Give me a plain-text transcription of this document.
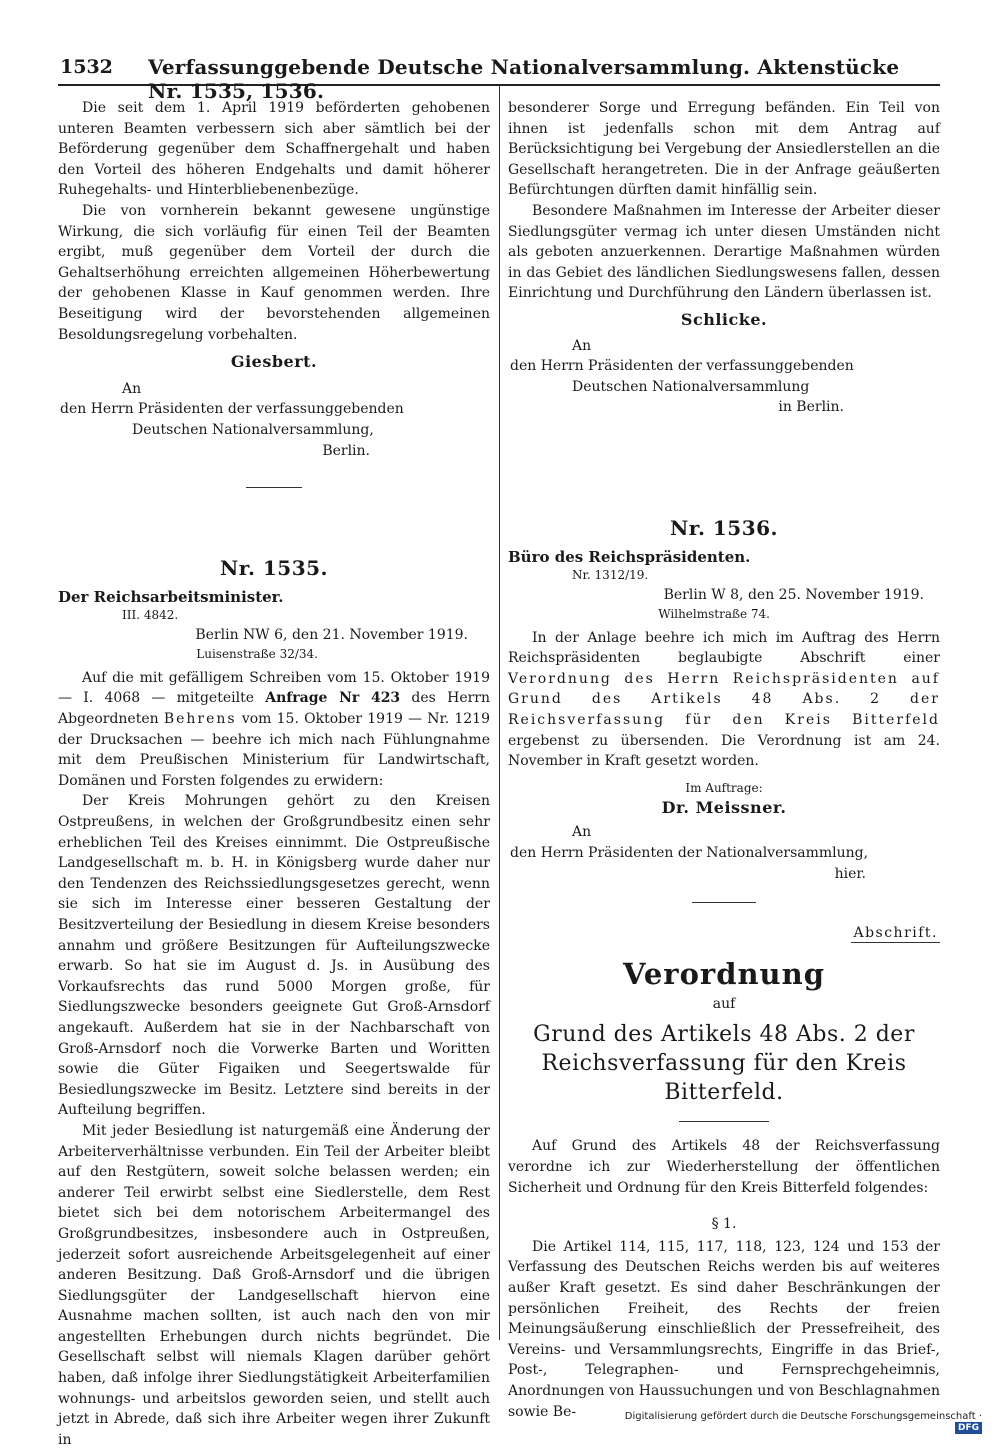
1532 Verfassunggebende Deutsche Nationalversammlung. Aktenstücke Nr. 1535, 1536.

Die seit dem 1. April 1919 beförderten gehobenen unteren Beamten verbessern sich aber sämtlich bei der Beförderung gegenüber dem Schaffnergehalt und haben den Vorteil des höheren Endgehalts und damit höherer Ruhegehalts- und Hinterbliebenenbezüge.

Die von vornherein bekannt gewesene ungünstige Wirkung, die sich vorläufig für einen Teil der Beamten ergibt, muß gegenüber dem Vorteil der durch die Gehaltserhöhung erreichten allgemeinen Höherbewertung der gehobenen Klasse in Kauf genommen werden. Ihre Beseitigung wird der bevorstehenden allgemeinen Besoldungsregelung vorbehalten.

Giesbert.
An
den Herrn Präsidenten der verfassunggebenden
Deutschen Nationalversammlung,
Berlin.
Nr. 1535.
Der Reichsarbeitsminister.
III. 4842.
Berlin NW 6, den 21. November 1919.
Luisenstraße 32/34.

Auf die mit gefälligem Schreiben vom 15. Oktober 1919 — I. 4068 — mitgeteilte Anfrage Nr 423 des Herrn Abgeordneten Behrens vom 15. Oktober 1919 — Nr. 1219 der Drucksachen — beehre ich mich nach Fühlungnahme mit dem Preußischen Ministerium für Landwirtschaft, Domänen und Forsten folgendes zu erwidern:

Der Kreis Mohrungen gehört zu den Kreisen Ostpreußens, in welchen der Großgrundbesitz einen sehr erheblichen Teil des Kreises einnimmt. Die Ostpreußische Landgesellschaft m. b. H. in Königsberg wurde daher nur den Tendenzen des Reichssiedlungsgesetzes gerecht, wenn sie sich im Interesse einer besseren Gestaltung der Besitzverteilung der Besiedlung in diesem Kreise besonders annahm und größere Besitzungen für Aufteilungszwecke erwarb. So hat sie im August d. Js. in Ausübung des Vorkaufsrechts das rund 5000 Morgen große, für Siedlungszwecke besonders geeignete Gut Groß-Arnsdorf angekauft. Außerdem hat sie in der Nachbarschaft von Groß-Arnsdorf noch die Vorwerke Barten und Woritten sowie die Güter Figaiken und Seegertswalde für Besiedlungszwecke im Besitz. Letztere sind bereits in der Aufteilung begriffen.

Mit jeder Besiedlung ist naturgemäß eine Änderung der Arbeiterverhältnisse verbunden. Ein Teil der Arbeiter bleibt auf den Restgütern, soweit solche belassen werden; ein anderer Teil erwirbt selbst eine Siedlerstelle, dem Rest bietet sich bei dem notorischem Arbeitermangel des Großgrundbesitzes, insbesondere auch in Ostpreußen, jederzeit sofort ausreichende Arbeitsgelegenheit auf einer anderen Besitzung. Daß Groß-Arnsdorf und die übrigen Siedlungsgüter der Landgesellschaft hiervon eine Ausnahme machen sollten, ist auch nach den von mir angestellten Erhebungen durch nichts begründet. Die Gesellschaft selbst will niemals Klagen darüber gehört haben, daß infolge ihrer Siedlungstätigkeit Arbeiterfamilien wohnungs- und arbeitslos geworden seien, und stellt auch jetzt in Abrede, daß sich ihre Arbeiter wegen ihrer Zukunft in

besonderer Sorge und Erregung befänden. Ein Teil von ihnen ist jedenfalls schon mit dem Antrag auf Berücksichtigung bei Vergebung der Ansiedlerstellen an die Gesellschaft herangetreten. Die in der Anfrage geäußerten Befürchtungen dürften damit hinfällig sein.

Besondere Maßnahmen im Interesse der Arbeiter dieser Siedlungsgüter vermag ich unter diesen Umständen nicht als geboten anzuerkennen. Derartige Maßnahmen würden in das Gebiet des ländlichen Siedlungswesens fallen, dessen Einrichtung und Durchführung den Ländern überlassen ist.

Schlicke.
An
den Herrn Präsidenten der verfassunggebenden
Deutschen Nationalversammlung
in Berlin.
Nr. 1536.
Büro des Reichspräsidenten.
Nr. 1312/19.
Berlin W 8, den 25. November 1919.
Wilhelmstraße 74.

In der Anlage beehre ich mich im Auftrag des Herrn Reichspräsidenten beglaubigte Abschrift einer Verordnung des Herrn Reichspräsidenten auf Grund des Artikels 48 Abs. 2 der Reichsverfassung für den Kreis Bitterfeld ergebenst zu übersenden. Die Verordnung ist am 24. November in Kraft gesetzt worden.

Im Auftrage:
Dr. Meissner.
An
den Herrn Präsidenten der Nationalversammlung,
hier.
Abschrift.
Verordnung
auf
Grund des Artikels 48 Abs. 2 der Reichsverfassung für den Kreis Bitterfeld.

Auf Grund des Artikels 48 der Reichsverfassung verordne ich zur Wiederherstellung der öffentlichen Sicherheit und Ordnung für den Kreis Bitterfeld folgendes:

§ 1.

Die Artikel 114, 115, 117, 118, 123, 124 und 153 der Verfassung des Deutschen Reichs werden bis auf weiteres außer Kraft gesetzt. Es sind daher Beschränkungen der persönlichen Freiheit, des Rechts der freien Meinungsäußerung einschließlich der Pressefreiheit, des Vereins- und Versammlungsrechts, Eingriffe in das Brief-, Post-, Telegraphen- und Fernsprechgeheimnis, Anordnungen von Haussuchungen und von Beschlagnahmen sowie Be-	Digitalisierung gefördert durch die Deutsche Forschungsgemeinschaft ·DFG
